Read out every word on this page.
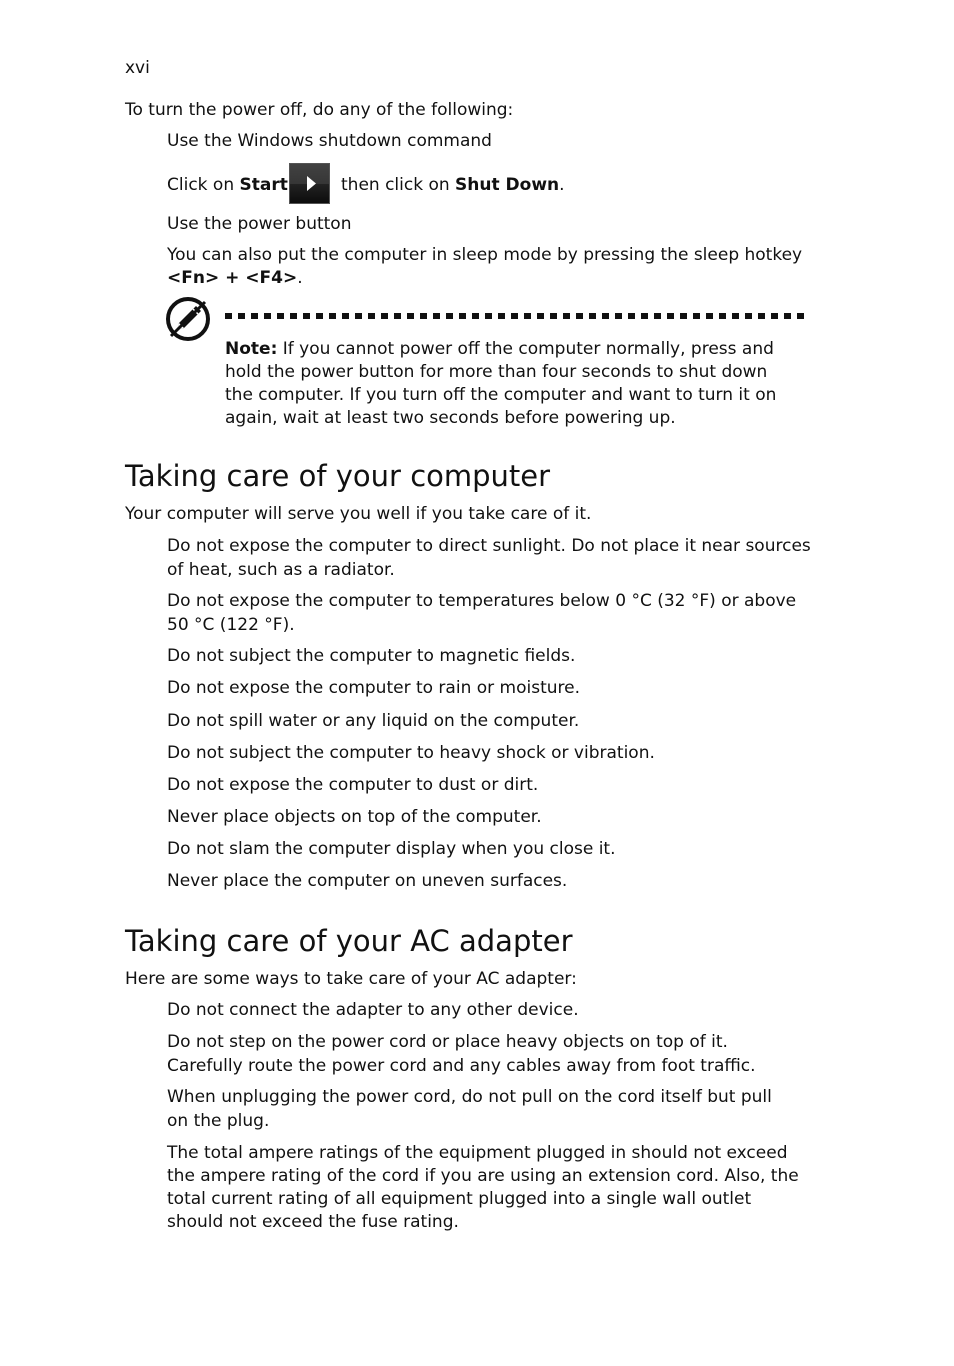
xvi
To turn the power off, do any of the following:
Use the Windows shutdown command
Click on Start	then click on Shut Down.
Use the power button
You can also put the computer in sleep mode by pressing the sleep hotkey
<Fn> + <F4>.
Note: If you cannot power off the computer normally, press and
hold the power button for more than four seconds to shut down
the computer. If you turn off the computer and want to turn it on
again, wait at least two seconds before powering up.
Taking care of your computer
Your computer will serve you well if you take care of it.
Do not expose the computer to direct sunlight. Do not place it near sources
of heat, such as a radiator.
Do not expose the computer to temperatures below 0 °C (32 °F) or above
50 °C (122 °F).
Do not subject the computer to magnetic fields.
Do not expose the computer to rain or moisture.
Do not spill water or any liquid on the computer.
Do not subject the computer to heavy shock or vibration.
Do not expose the computer to dust or dirt.
Never place objects on top of the computer.
Do not slam the computer display when you close it.
Never place the computer on uneven surfaces.
Taking care of your AC adapter
Here are some ways to take care of your AC adapter:
Do not connect the adapter to any other device.
Do not step on the power cord or place heavy objects on top of it.
Carefully route the power cord and any cables away from foot traffic.
When unplugging the power cord, do not pull on the cord itself but pull
on the plug.
The total ampere ratings of the equipment plugged in should not exceed
the ampere rating of the cord if you are using an extension cord. Also, the
total current rating of all equipment plugged into a single wall outlet
should not exceed the fuse rating.
